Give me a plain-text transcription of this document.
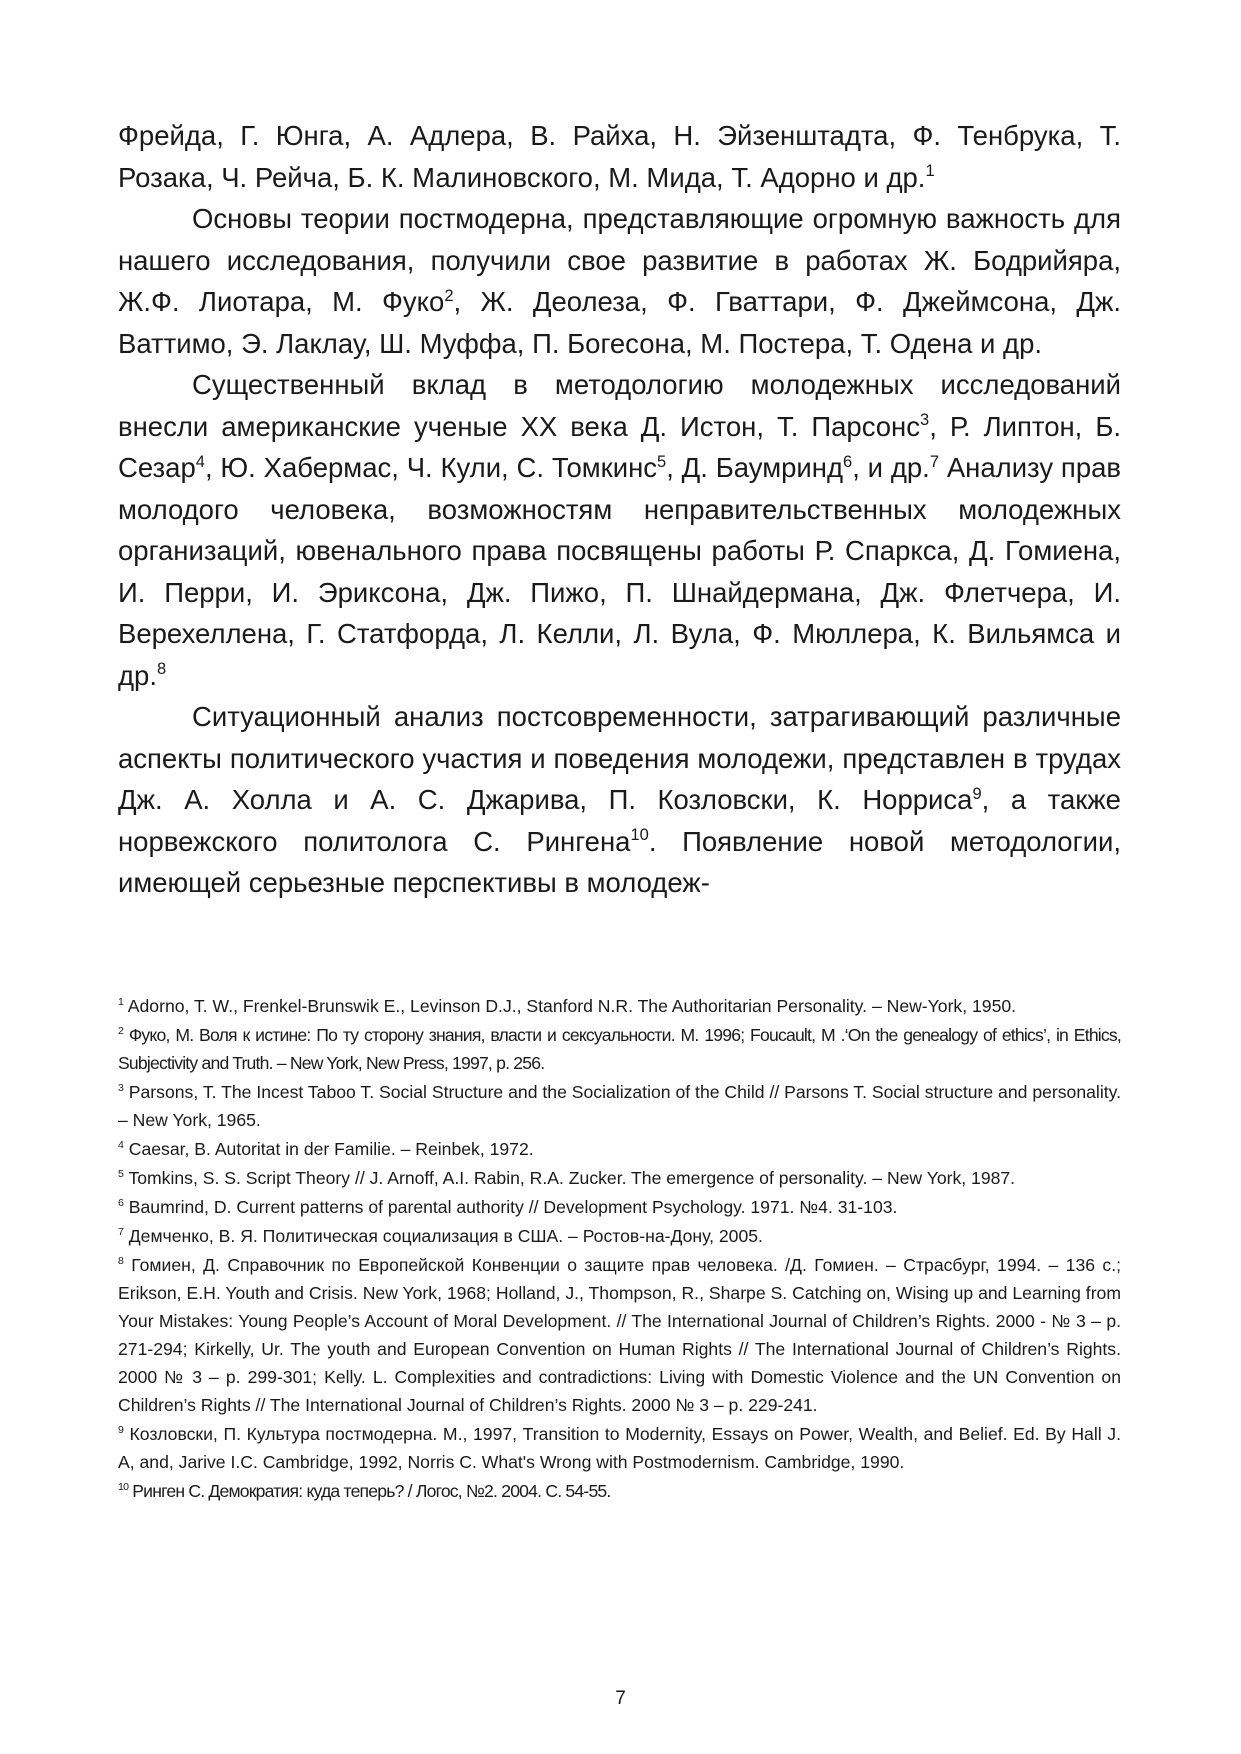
Фрейда, Г. Юнга, А. Адлера, В. Райха, Н. Эйзенштадта, Ф. Тенбрука, Т. Розака, Ч. Рейча, Б. К. Малиновского, М. Мида, Т. Адорно и др.$^1$

Основы теории постмодерна, представляющие огромную важность для нашего исследования, получили свое развитие в работах Ж. Бодрийяра, Ж.Ф. Лиотара, М. Фуко$^2$, Ж. Деолеза, Ф. Гваттари, Ф. Джеймсона, Дж. Ваттимо, Э. Лаклау, Ш. Муффа, П. Богесона, М. Постера, Т. Одена и др.

Существенный вклад в методологию молодежных исследований внесли американские ученые XX века Д. Истон, Т. Парсонс$^3$, Р. Липтон, Б. Сезар$^4$, Ю. Хабермас, Ч. Кули, С. Томкинс$^5$, Д. Баумринд$^6$, и др.$^7$ Анализу прав молодого человека, возможностям неправительственных молодежных организаций, ювенального права посвящены работы Р. Спаркса, Д. Гомиена, И. Перри, И. Эриксона, Дж. Пижо, П. Шнайдермана, Дж. Флетчера, И. Верехеллена, Г. Статфорда, Л. Келли, Л. Вула, Ф. Мюллера, К. Вильямса и др.$^8$

Ситуационный анализ постсовременности, затрагивающий различные аспекты политического участия и поведения молодежи, представлен в трудах Дж. А. Холла и А. С. Джарива, П. Козловски, К. Норриса$^9$, а также норвежского политолога С. Рингена$^{10}$. Появление новой методологии, имеющей серьезные перспективы в молодеж-

$^1$ Adorno, T. W., Frenkel-Brunswik E., Levinson D.J., Stanford N.R. The Authoritarian Personality. – New-York, 1950.

$^2$ Фуко, М. Воля к истине: По ту сторону знания, власти и сексуальности. М. 1996; Foucault, M .‘On the genealogy of ethics’, in Ethics, Subjectivity and Truth. – New York, New Press, 1997, p. 256.

$^3$ Parsons, T. The Incest Taboo T. Social Structure and the Socialization of the Child // Parsons T. Social structure and personality. – New York, 1965.

$^4$ Caesar, B. Autoritat in der Familie. – Reinbek, 1972.

$^5$ Tomkins, S. S. Script Theory // J. Arnoff, A.I. Rabin, R.A. Zucker. The emergence of personality. – New York, 1987.

$^6$ Baumrind, D. Current patterns of parental authority // Development Psychology. 1971. №4. 31-103.

$^7$ Демченко, В. Я. Политическая социализация в США. – Ростов-на-Дону, 2005.

$^8$ Гомиен, Д. Справочник по Европейской Конвенции о защите прав человека. /Д. Гомиен. – Страсбург, 1994. – 136 с.; Erikson, E.H. Youth and Crisis. New York, 1968; Holland, J., Thompson, R., Sharpe S. Catching on, Wising up and Learning from Your Mistakes: Young People’s Account of Moral Development. // The International Journal of Children’s Rights. 2000 - № 3 – p. 271-294; Kirkelly, Ur. The youth and European Convention on Human Rights // The International Journal of Children’s Rights. 2000 № 3 – p. 299-301; Kelly. L. Complexities and contradictions: Living with Domestic Violence and the UN Convention on Children’s Rights // The International Journal of Children’s Rights. 2000 № 3 – p. 229-241.

$^9$ Козловски, П. Культура постмодерна. М., 1997, Transition to Modernity, Essays on Power, Wealth, and Belief. Ed. By Hall J. A, and, Jarive I.C. Cambridge, 1992, Norris C. What's Wrong with Postmodernism. Cambridge, 1990.

$^{10}$ Ринген С. Демократия: куда теперь? / Логос, №2. 2004. С. 54-55.

7
